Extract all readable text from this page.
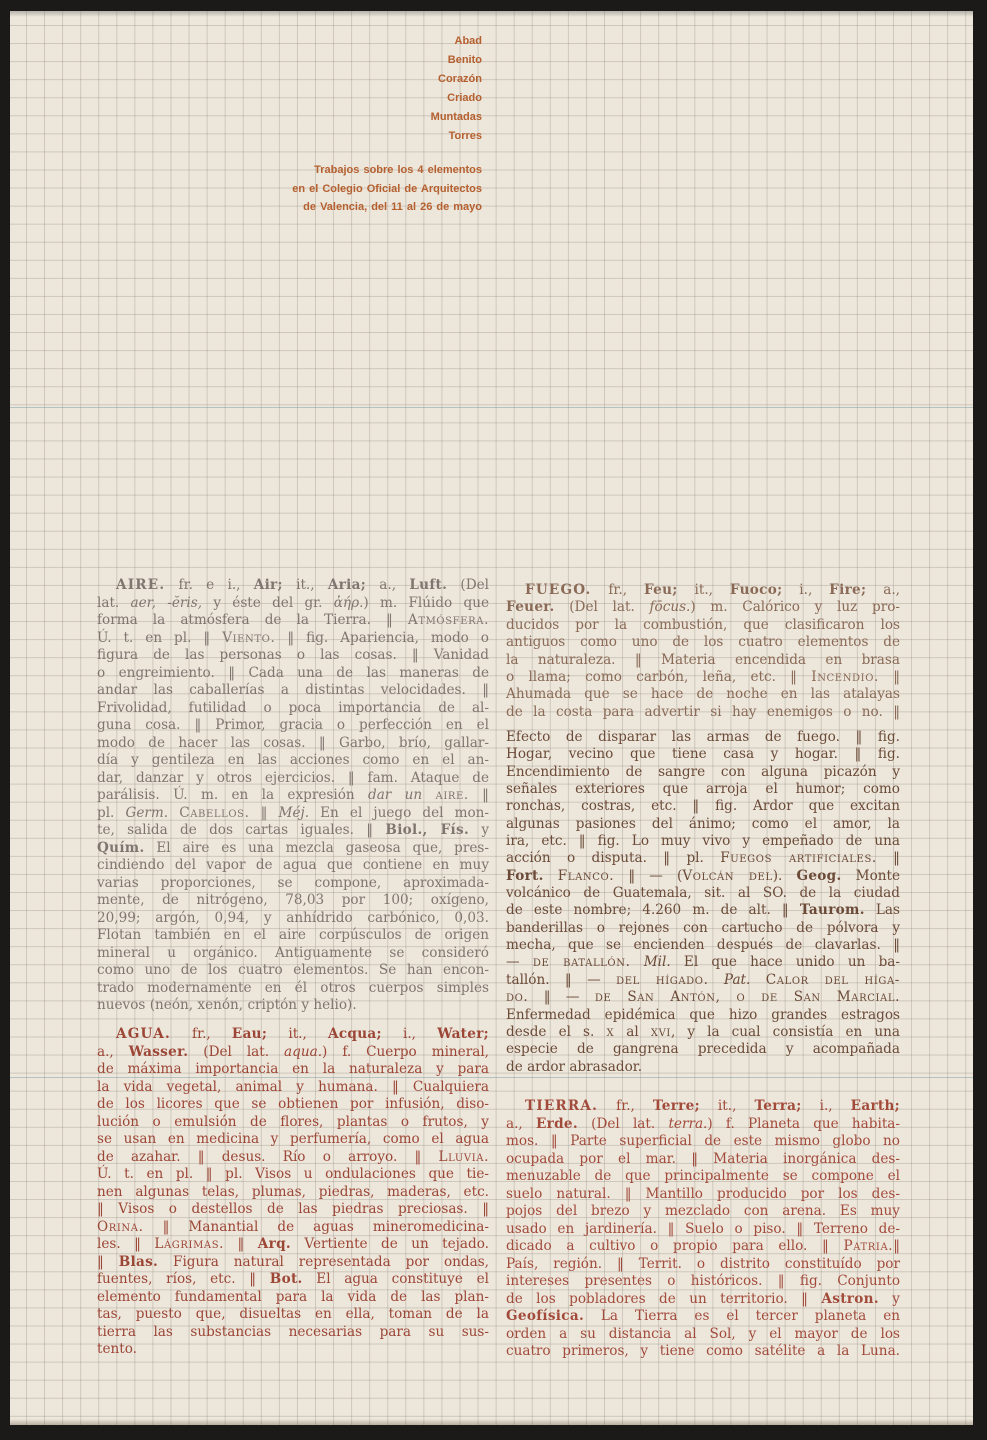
Abad
Benito
Corazón
Criado
Muntadas
Torres
Trabajos sobre los 4 elementos
en el Colegio Oficial de Arquitectos
de Valencia, del 11 al 26 de mayo
AIRE. fr. e i., Air; it., Aria; a., Luft. (Del
lat. aer, -ĕris, y éste del gr. ἀήρ.) m. Flúido que
forma la atmósfera de la Tierra. ‖ Atmósfera.
Ú. t. en pl. ‖ Viento. ‖ fig. Apariencia, modo o
figura de las personas o las cosas. ‖ Vanidad
o engreimiento. ‖ Cada una de las maneras de
andar las caballerías a distintas velocidades. ‖
Frivolidad, futilidad o poca importancia de al-
guna cosa. ‖ Primor, gracia o perfección en el
modo de hacer las cosas. ‖ Garbo, brío, gallar-
día y gentileza en las acciones como en el an-
dar, danzar y otros ejercicios. ‖ fam. Ataque de
parálisis. Ú. m. en la expresión dar un aire. ‖
pl. Germ. Cabellos. ‖ Méj. En el juego del mon-
te, salida de dos cartas iguales. ‖ Biol., Fís. y
Quím. El aire es una mezcla gaseosa que, pres-
cindiendo del vapor de agua que contiene en muy
varias proporciones, se compone, aproximada-
mente, de nitrógeno, 78,03 por 100; oxígeno,
20,99; argón, 0,94, y anhídrido carbónico, 0,03.
Flotan también en el aire corpúsculos de origen
mineral u orgánico. Antiguamente se consideró
como uno de los cuatro elementos. Se han encon-
trado modernamente en él otros cuerpos simples
nuevos (neón, xenón, criptón y helio).
AGUA. fr., Eau; it., Acqua; i., Water;
a., Wasser. (Del lat. aqua.) f. Cuerpo mineral,
de máxima importancia en la naturaleza y para
la vida vegetal, animal y humana. ‖ Cualquiera
de los licores que se obtienen por infusión, diso-
lución o emulsión de flores, plantas o frutos, y
se usan en medicina y perfumería, como el agua
de azahar. ‖ desus. Río o arroyo. ‖ Lluvia.
Ú. t. en pl. ‖ pl. Visos u ondulaciones que tie-
nen algunas telas, plumas, piedras, maderas, etc.
‖ Visos o destellos de las piedras preciosas. ‖
Orina. ‖ Manantial de aguas mineromedicina-
les. ‖ Lágrimas. ‖ Arq. Vertiente de un tejado.
‖ Blas. Figura natural representada por ondas,
fuentes, ríos, etc. ‖ Bot. El agua constituye el
elemento fundamental para la vida de las plan-
tas, puesto que, disueltas en ella, toman de la
tierra las substancias necesarias para su sus-
tento.
FUEGO. fr., Feu; it., Fuoco; i., Fire; a.,
Feuer. (Del lat. fōcus.) m. Calórico y luz pro-
ducidos por la combustión, que clasificaron los
antiguos como uno de los cuatro elementos de
la naturaleza. ‖ Materia encendida en brasa
o llama; como carbón, leña, etc. ‖ Incendio. ‖
Ahumada que se hace de noche en las atalayas
de la costa para advertir si hay enemigos o no. ‖
Efecto de disparar las armas de fuego. ‖ fig.
Hogar, vecino que tiene casa y hogar. ‖ fig.
Encendimiento de sangre con alguna picazón y
señales exteriores que arroja el humor; como
ronchas, costras, etc. ‖ fig. Ardor que excitan
algunas pasiones del ánimo; como el amor, la
ira, etc. ‖ fig. Lo muy vivo y empeñado de una
acción o disputa. ‖ pl. Fuegos artificiales. ‖
Fort. Flanco. ‖ — (Volcán del). Geog. Monte
volcánico de Guatemala, sit. al SO. de la ciudad
de este nombre; 4.260 m. de alt. ‖ Taurom. Las
banderillas o rejones con cartucho de pólvora y
mecha, que se encienden después de clavarlas. ‖
— de batallón. Mil. El que hace unido un ba-
tallón. ‖ — del hígado. Pat. Calor del híga-
do. ‖ — de San Antón, o de San Marcial.
Enfermedad epidémica que hizo grandes estragos
desde el s. x al xvi, y la cual consistía en una
especie de gangrena precedida y acompañada
de ardor abrasador.
TIERRA. fr., Terre; it., Terra; i., Earth;
a., Erde. (Del lat. terra.) f. Planeta que habita-
mos. ‖ Parte superficial de este mismo globo no
ocupada por el mar. ‖ Materia inorgánica des-
menuzable de que principalmente se compone el
suelo natural. ‖ Mantillo producido por los des-
pojos del brezo y mezclado con arena. Es muy
usado en jardinería. ‖ Suelo o piso. ‖ Terreno de-
dicado a cultivo o propio para ello. ‖ Patria.‖
País, región. ‖ Territ. o distrito constituído por
intereses presentes o históricos. ‖ fig. Conjunto
de los pobladores de un territorio. ‖ Astron. y
Geofísica. La Tierra es el tercer planeta en
orden a su distancia al Sol, y el mayor de los
cuatro primeros, y tiene como satélite a la Luna.
